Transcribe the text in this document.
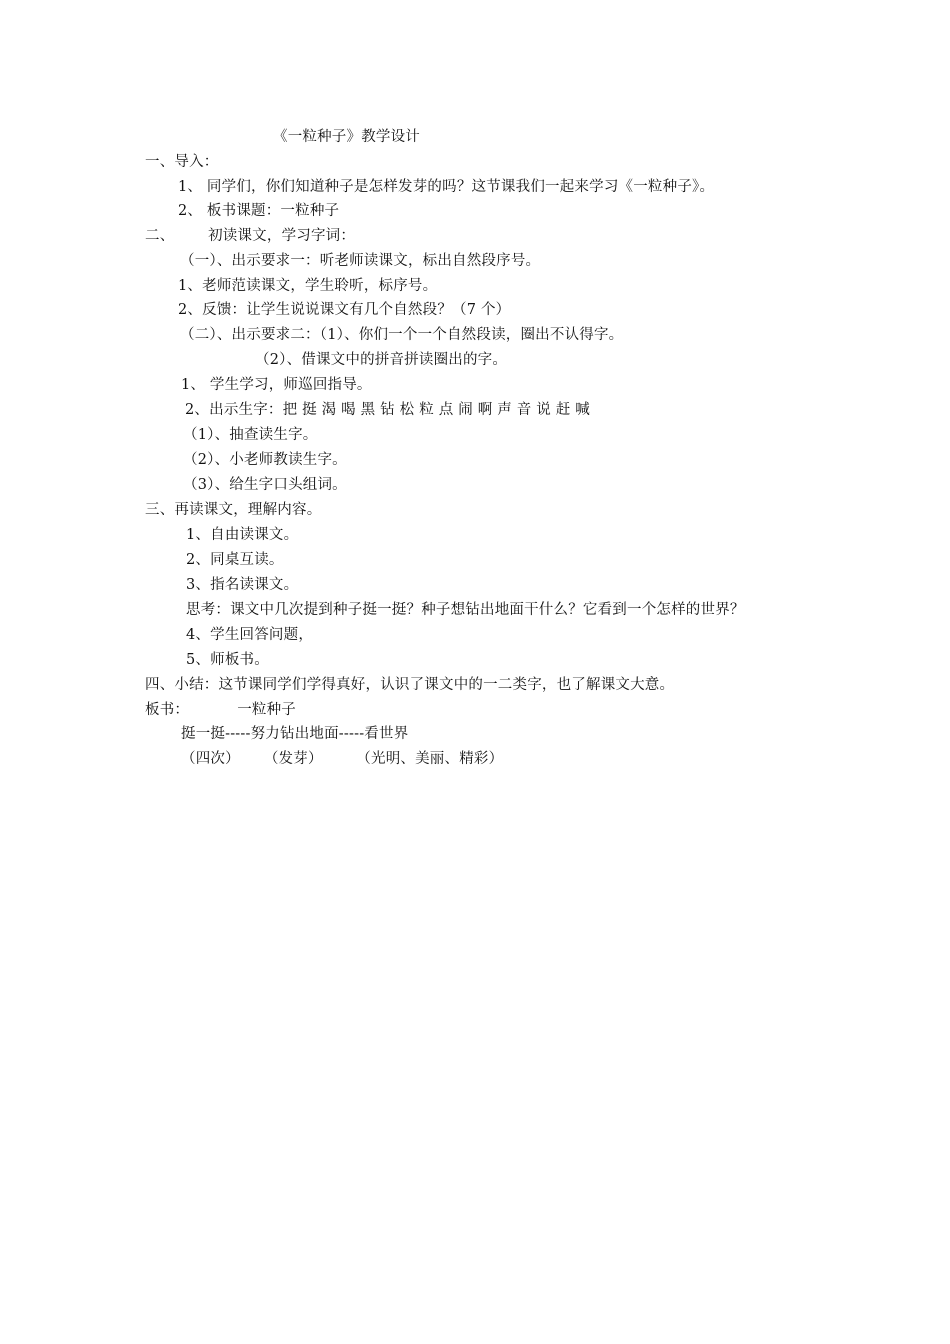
《一粒种子》教学设计
一、导入：
1、 同学们，你们知道种子是怎样发芽的吗？这节课我们一起来学习《一粒种子》。
2、 板书课题：一粒种子
二、       初读课文，学习字词：
（一）、出示要求一：听老师读课文，标出自然段序号。
1、老师范读课文，学生聆听，标序号。
2、反馈：让学生说说课文有几个自然段？（7 个）
（二）、出示要求二：（1）、你们一个一个自然段读，圈出不认得字。
（2）、借课文中的拼音拼读圈出的字。
1、 学生学习，师巡回指导。
2、出示生字：把 挺 渴 喝 黑 钻 松 粒 点 闹 啊 声 音 说 赶 喊
（1）、抽查读生字。
（2）、小老师教读生字。
（3）、给生字口头组词。
三、再读课文，理解内容。
1、自由读课文。
2、同桌互读。
3、指名读课文。
思考：课文中几次提到种子挺一挺？种子想钻出地面干什么？它看到一个怎样的世界？
4、学生回答问题，
5、师板书。
四、小结：这节课同学们学得真好，认识了课文中的一二类字，也了解课文大意。
板书：          一粒种子
挺一挺-----努力钻出地面-----看世界
（四次）     （发芽）       （光明、美丽、精彩）
